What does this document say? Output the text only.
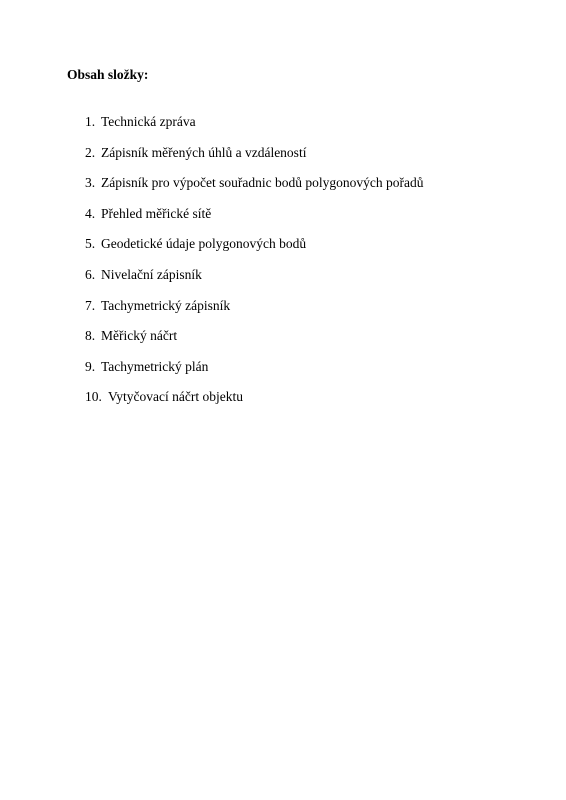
Obsah složky:
1. Technická zpráva
2. Zápisník měřených úhlů a vzdáleností
3. Zápisník pro výpočet souřadnic bodů polygonových pořadů
4. Přehled měřické sítě
5. Geodetické údaje polygonových bodů
6. Nivelační zápisník
7. Tachymetrický zápisník
8. Měřický náčrt
9. Tachymetrický plán
10. Vytyčovací náčrt objektu
